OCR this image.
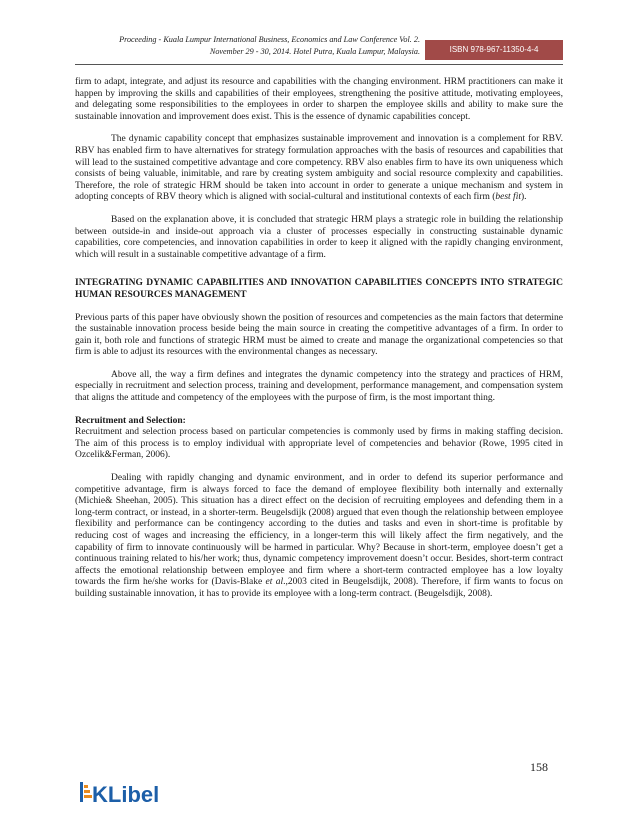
Proceeding - Kuala Lumpur International Business, Economics and Law Conference Vol. 2.
November 29 - 30, 2014. Hotel Putra, Kuala Lumpur, Malaysia.	ISBN 978-967-11350-4-4

firm to adapt, integrate, and adjust its resource and capabilities with the changing environment. HRM practitioners can make it happen by improving the skills and capabilities of their employees, strengthening the positive attitude, motivating employees, and delegating some responsibilities to the employees in order to sharpen the employee skills and ability to make sure the sustainable innovation and improvement does exist. This is the essence of dynamic capabilities concept.

The dynamic capability concept that emphasizes sustainable improvement and innovation is a complement for RBV. RBV has enabled firm to have alternatives for strategy formulation approaches with the basis of resources and capabilities that will lead to the sustained competitive advantage and core competency. RBV also enables firm to have its own uniqueness which consists of being valuable, inimitable, and rare by creating system ambiguity and social resource complexity and capabilities. Therefore, the role of strategic HRM should be taken into account in order to generate a unique mechanism and system in adopting concepts of RBV theory which is aligned with social-cultural and institutional contexts of each firm (best fit).

Based on the explanation above, it is concluded that strategic HRM plays a strategic role in building the relationship between outside-in and inside-out approach via a cluster of processes especially in constructing sustainable dynamic capabilities, core competencies, and innovation capabilities in order to keep it aligned with the rapidly changing environment, which will result in a sustainable competitive advantage of a firm.

INTEGRATING DYNAMIC CAPABILITIES AND INNOVATION CAPABILITIES CONCEPTS INTO STRATEGIC HUMAN RESOURCES MANAGEMENT

Previous parts of this paper have obviously shown the position of resources and competencies as the main factors that determine the sustainable innovation process beside being the main source in creating the competitive advantages of a firm. In order to gain it, both role and functions of strategic HRM must be aimed to create and manage the organizational competencies so that firm is able to adjust its resources with the environmental changes as necessary.

Above all, the way a firm defines and integrates the dynamic competency into the strategy and practices of HRM, especially in recruitment and selection process, training and development, performance management, and compensation system that aligns the attitude and competency of the employees with the purpose of firm, is the most important thing.

Recruitment and Selection:

Recruitment and selection process based on particular competencies is commonly used by firms in making staffing decision. The aim of this process is to employ individual with appropriate level of competencies and behavior (Rowe, 1995 cited in Ozcelik&Ferman, 2006).

Dealing with rapidly changing and dynamic environment, and in order to defend its superior performance and competitive advantage, firm is always forced to face the demand of employee flexibility both internally and externally (Michie& Sheehan, 2005). This situation has a direct effect on the decision of recruiting employees and defending them in a long-term contract, or instead, in a shorter-term. Beugelsdijk (2008) argued that even though the relationship between employee flexibility and performance can be contingency according to the duties and tasks and even in short-time is profitable by reducing cost of wages and increasing the efficiency, in a longer-term this will likely affect the firm negatively, and the capability of firm to innovate continuously will be harmed in particular. Why? Because in short-term, employee doesn’t get a continuous training related to his/her work; thus, dynamic competency improvement doesn’t occur. Besides, short-term contract affects the emotional relationship between employee and firm where a short-term contracted employee has a low loyalty towards the firm he/she works for (Davis-Blake et al.,2003 cited in Beugelsdijk, 2008). Therefore, if firm wants to focus on building sustainable innovation, it has to provide its employee with a long-term contract. (Beugelsdijk, 2008).

158
KLibel
